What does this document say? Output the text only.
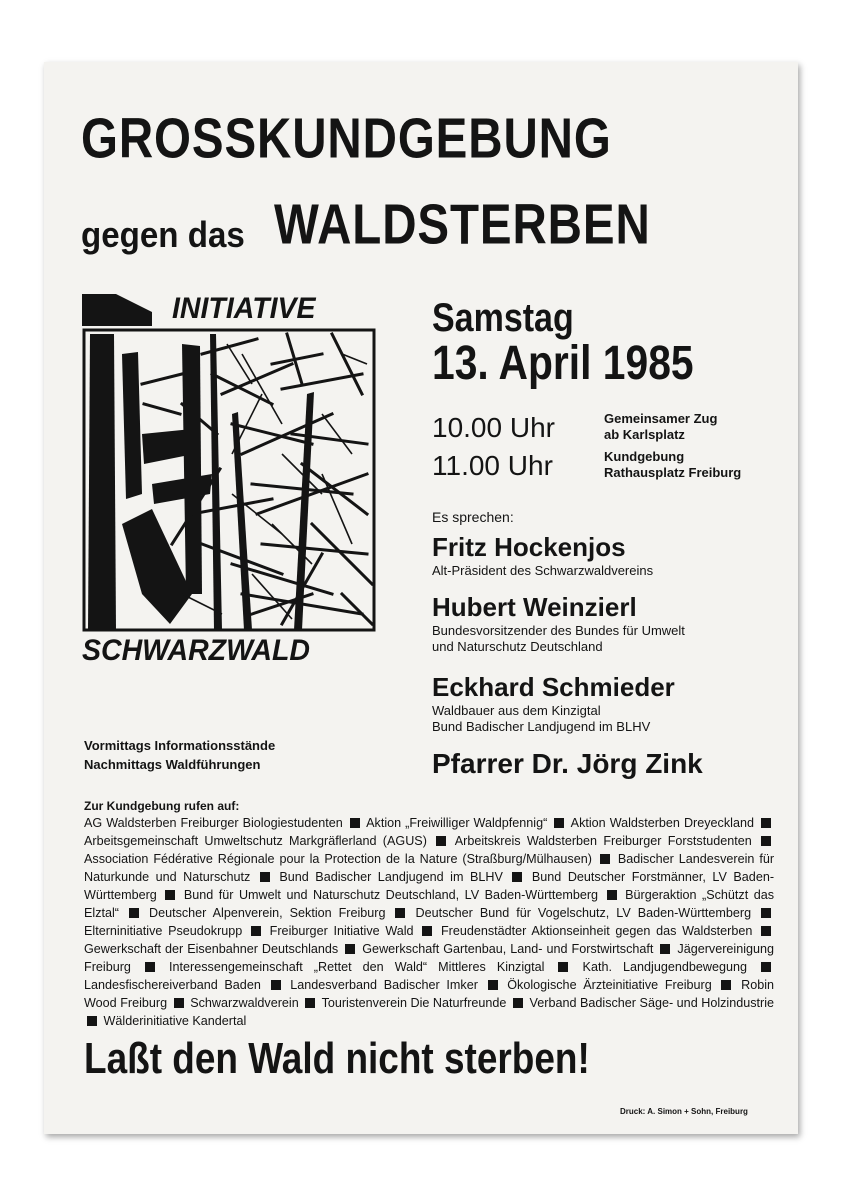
GROSSKUNDGEBUNG
gegen das WALDSTERBEN
INITIATIVE
SCHWARZWALD
Samstag
13. April 1985
10.00 Uhr	Gemeinsamer Zug
ab Karlsplatz
11.00 Uhr	Kundgebung
Rathausplatz Freiburg
Es sprechen:
Fritz Hockenjos
Alt-Präsident des Schwarzwaldvereins
Hubert Weinzierl
Bundesvorsitzender des Bundes für Umwelt
und Naturschutz Deutschland
Eckhard Schmieder
Waldbauer aus dem Kinzigtal
Bund Badischer Landjugend im BLHV
Pfarrer Dr. Jörg Zink
Vormittags Informationsstände
Nachmittags Waldführungen
Zur Kundgebung rufen auf:
AG Waldsterben Freiburger Biologiestudenten Aktion „Freiwilliger Waldpfennig“ Aktion Waldsterben Dreyeckland  Arbeitsgemeinschaft Umweltschutz Markgräflerland (AGUS) Arbeitskreis Waldsterben Freiburger Forststudenten  Association Fédérative Régionale pour la Protection de la Nature (Straßburg/Mülhausen) Badischer Landesverein für Naturkunde und Naturschutz Bund Badischer Landjugend im BLHV Bund Deutscher Forstmänner, LV Baden-Württemberg Bund für Umwelt und Naturschutz Deutschland, LV Baden-Württemberg Bürgeraktion „Schützt das Elztal“ Deutscher Alpenverein, Sektion Freiburg Deutscher Bund für Vogelschutz, LV Baden-Württemberg  Elterninitiative Pseudokrupp Freiburger Initiative Wald Freudenstädter Aktionseinheit gegen das Waldsterben  Gewerkschaft der Eisenbahner Deutschlands Gewerkschaft Gartenbau, Land- und Forstwirtschaft Jägervereinigung Freiburg	Interessengemeinschaft „Rettet den Wald“ Mittleres Kinzigtal	Kath. Landjugendbewegung  Landesfischereiverband Baden Landesverband Badischer Imker Ökologische Ärzteinitiative Freiburg Robin Wood Freiburg Schwarzwaldverein Touristenverein Die Naturfreunde Verband Badischer Säge- und Holzindustrie  Wälderinitiative Kandertal
Laßt den Wald nicht sterben!
Druck: A. Simon + Sohn, Freiburg
